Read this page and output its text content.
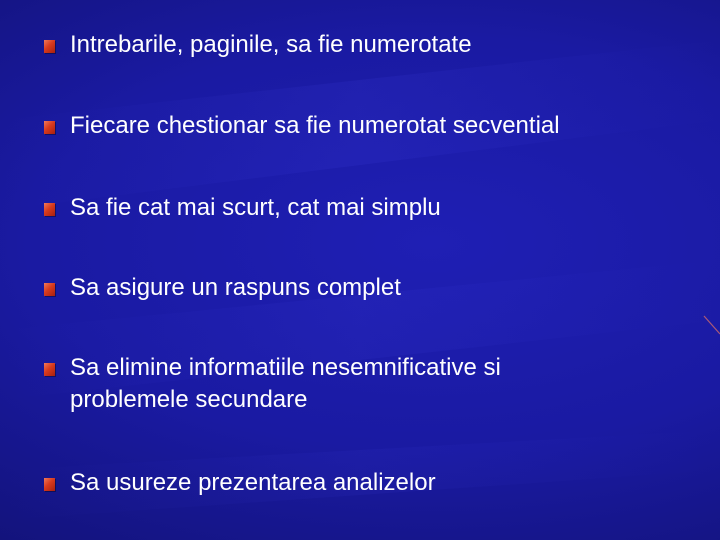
Intrebarile, paginile, sa fie numerotate
Fiecare chestionar sa fie numerotat secvential
Sa fie cat mai scurt, cat mai simplu
Sa asigure un raspuns complet
Sa elimine informatiile nesemnificative si
problemele secundare
Sa usureze prezentarea analizelor
